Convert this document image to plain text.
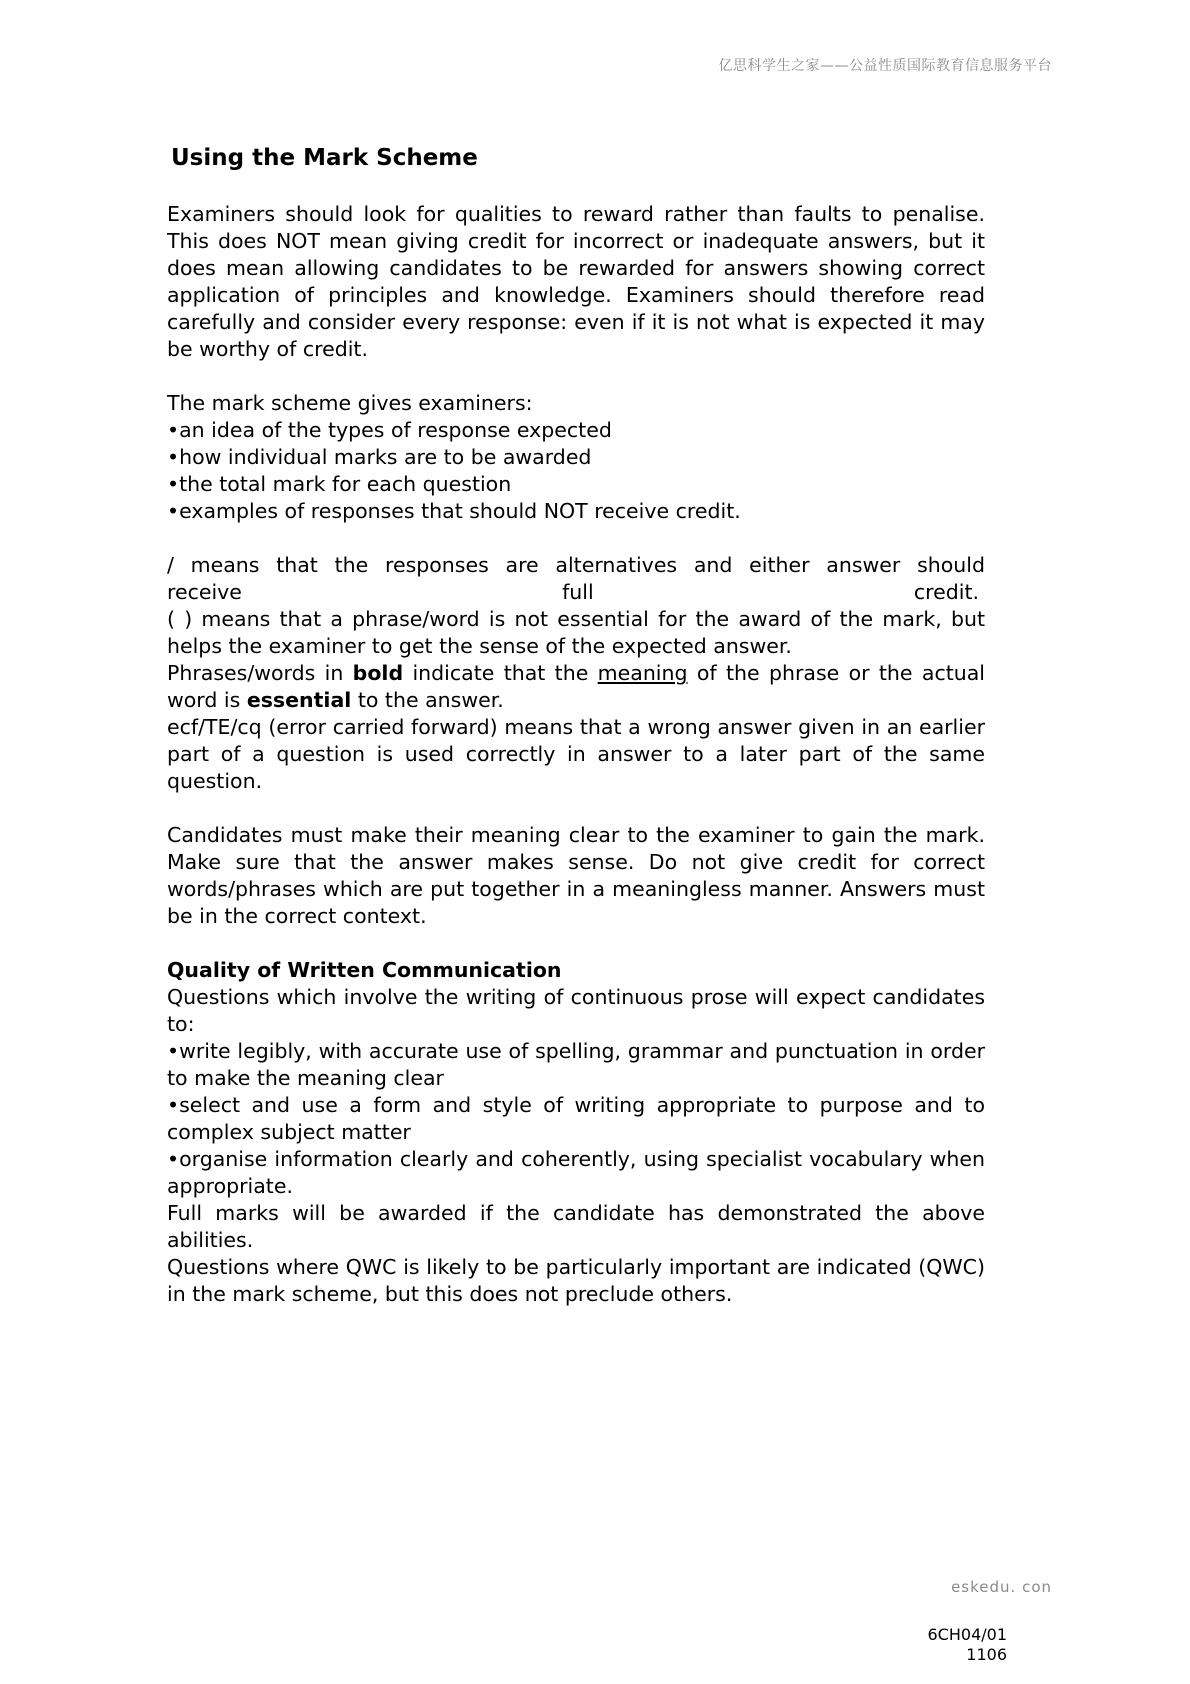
亿思科学生之家——公益性质国际教育信息服务平台
Using the Mark Scheme

Examiners should look for qualities to reward rather than faults to penalise. This does NOT mean giving credit for incorrect or inadequate answers, but it does mean allowing candidates to be rewarded for answers showing correct application of principles and knowledge. Examiners should therefore read carefully and consider every response: even if it is not what is expected it may be worthy of credit.

The mark scheme gives examiners:
• an idea of the types of response expected
• how individual marks are to be awarded
• the total mark for each question
• examples of responses that should NOT receive credit.
/ means that the responses are alternatives and either answer should
receive	full	credit.
( ) means that a phrase/word is not essential for the award of the mark, but helps the examiner to get the sense of the expected answer.
Phrases/words in bold indicate that the meaning of the phrase or the actual word is essential to the answer.
ecf/TE/cq (error carried forward) means that a wrong answer given in an earlier part of a question is used correctly in answer to a later part of the same question.

Candidates must make their meaning clear to the examiner to gain the mark. Make sure that the answer makes sense. Do not give credit for correct words/phrases which are put together in a meaningless manner. Answers must be in the correct context.

Quality of Written Communication
Questions which involve the writing of continuous prose will expect candidates to:
• write legibly, with accurate use of spelling, grammar and punctuation in order to make the meaning clear
• select and use a form and style of writing appropriate to purpose and to complex subject matter
• organise information clearly and coherently, using specialist vocabulary when appropriate.
Full marks will be awarded if the candidate has demonstrated the above abilities.
Questions where QWC is likely to be particularly important are indicated (QWC) in the mark scheme, but this does not preclude others.
eskedu. con
6CH04/01
1106
